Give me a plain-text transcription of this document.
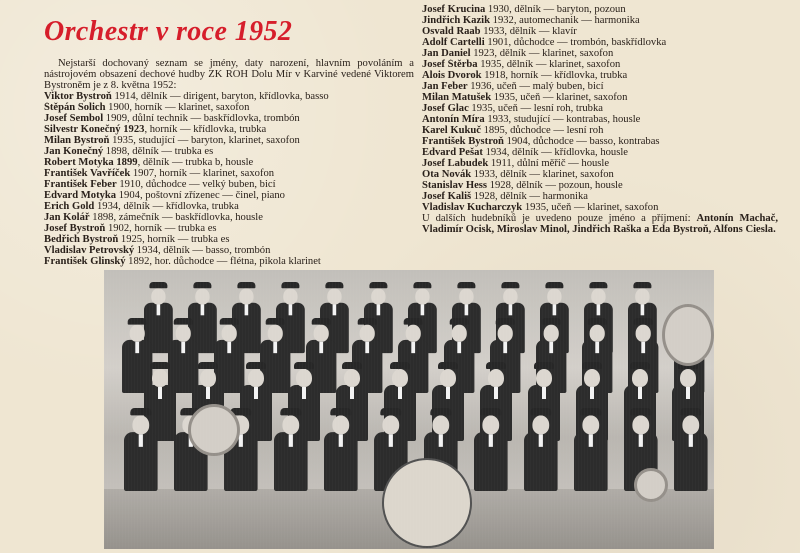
Orchestr v roce 1952
Nejstarší dochovaný seznam se jmény, daty narození, hlavním povoláním a nástrojovém obsazení dechové hudby ZK ROH Dolu Mír v Karviné vedené Viktorem Bystroněm je z 8. května 1952:
Viktor Bystroň 1914, dělník — dirigent, baryton, křídlovka, basso
Štěpán Solich 1900, horník — klarinet, saxofon
Josef Sembol 1909, důlní technik — baskřídlovka, trombón
Silvestr Konečný 1923, horník — křídlovka, trubka
Milan Bystroň 1935, studující — baryton, klarinet, saxofon
Jan Konečný 1898, dělník — trubka es
Robert Motyka 1899, dělník — trubka b, housle
František Vavříček 1907, horník — klarinet, saxofon
František Feber 1910, důchodce — velký buben, bicí
Edvard Motyka 1904, poštovní zřízenec — činel, piano
Erich Gold 1934, dělník — křídlovka, trubka
Jan Kolář 1898, zámečník — baskřídlovka, housle
Josef Bystroň 1902, horník — trubka es
Bedřich Bystroň 1925, horník — trubka es
Vladislav Petrovský 1934, dělník — basso, trombón
František Glinský 1892, hor. důchodce — flétna, pikola klarinet
Josef Krucina 1930, dělník — baryton, pozoun
Jindřich Kazik 1932, automechanik — harmonika
Osvald Raab 1933, dělník — klavír
Adolf Cartelli 1901, důchodce — trombón, baskřídlovka
Jan Daniel 1923, dělník — klarinet, saxofon
Josef Štěrba 1935, dělník — klarinet, saxofon
Alois Dvorok 1918, horník — křídlovka, trubka
Jan Feber 1936, učeň — malý buben, bicí
Milan Matušek 1935, učeň — klarinet, saxofon
Josef Glac 1935, učeň — lesní roh, trubka
Antonín Míra 1933, studující — kontrabas, housle
Karel Kukuč 1895, důchodce — lesní roh
František Bystroň 1904, důchodce — basso, kontrabas
Edvard Pešat 1934, dělník — křídlovka, housle
Josef Labudek 1911, důlní měřič — housle
Ota Novák 1933, dělník — klarinet, saxofon
Stanislav Hess 1928, dělník — pozoun, housle
Josef Kališ 1928, dělník — harmonika
Vladislav Kucharczyk 1935, učeň — klarinet, saxofon
U dalších hudebníků je uvedeno pouze jméno a příjmení: Antonín Machač, Vladimír Ocisk, Miroslav Minol, Jindřich Raška a Eda Bystroň, Alfons Ciesla.
